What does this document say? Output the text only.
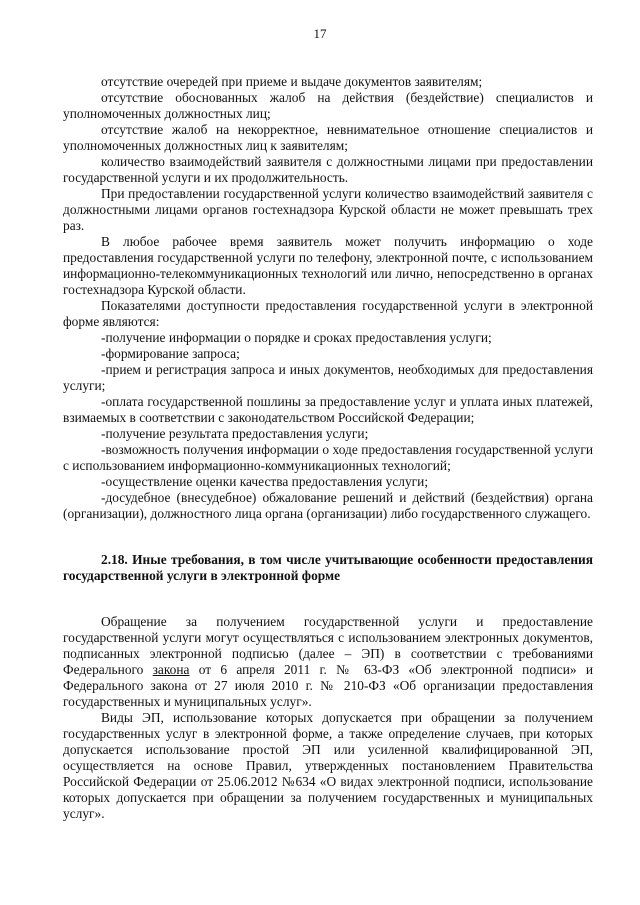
17

отсутствие очередей при приеме и выдаче документов заявителям;

отсутствие обоснованных жалоб на действия (бездействие) специалистов и уполномоченных должностных лиц;

отсутствие жалоб на некорректное, невнимательное отношение специалистов и уполномоченных должностных лиц к заявителям;

количество взаимодействий заявителя с должностными лицами при предоставлении государственной услуги и их продолжительность.

При предоставлении государственной услуги количество взаимодействий заявителя с должностными лицами органов гостехнадзора Курской области не может превышать трех раз.

В любое рабочее время заявитель может получить информацию о ходе предоставления государственной услуги по телефону, электронной почте, с использованием информационно-телекоммуникационных технологий или лично, непосредственно в органах гостехнадзора Курской области.

Показателями доступности предоставления государственной услуги в электронной форме являются:

-получение информации о порядке и сроках предоставления услуги;

-формирование запроса;

-прием и регистрация запроса и иных документов, необходимых для предоставления услуги;

-оплата государственной пошлины за предоставление услуг и уплата иных платежей, взимаемых в соответствии с законодательством Российской Федерации;

-получение результата предоставления услуги;

-возможность получения информации о ходе предоставления государственной услуги с использованием информационно-коммуникационных технологий;

-осуществление оценки качества предоставления услуги;

-досудебное (внесудебное) обжалование решений и действий (бездействия) органа (организации), должностного лица органа (организации) либо государственного служащего.

2.18. Иные требования, в том числе учитывающие особенности предоставления государственной услуги в электронной форме

Обращение за получением государственной услуги и предоставление государственной услуги могут осуществляться с использованием электронных документов, подписанных электронной подписью (далее – ЭП) в соответствии с требованиями Федерального закона от 6 апреля 2011 г. № 63-ФЗ «Об электронной подписи» и Федерального закона от 27 июля 2010 г. № 210-ФЗ «Об организации предоставления государственных и муниципальных услуг».

Виды ЭП, использование которых допускается при обращении за получением государственных услуг в электронной форме, а также определение случаев, при которых допускается использование простой ЭП или усиленной квалифицированной ЭП, осуществляется на основе Правил, утвержденных постановлением Правительства Российской Федерации от 25.06.2012 №634 «О видах электронной подписи, использование которых допускается при обращении за получением государственных и муниципальных услуг».
